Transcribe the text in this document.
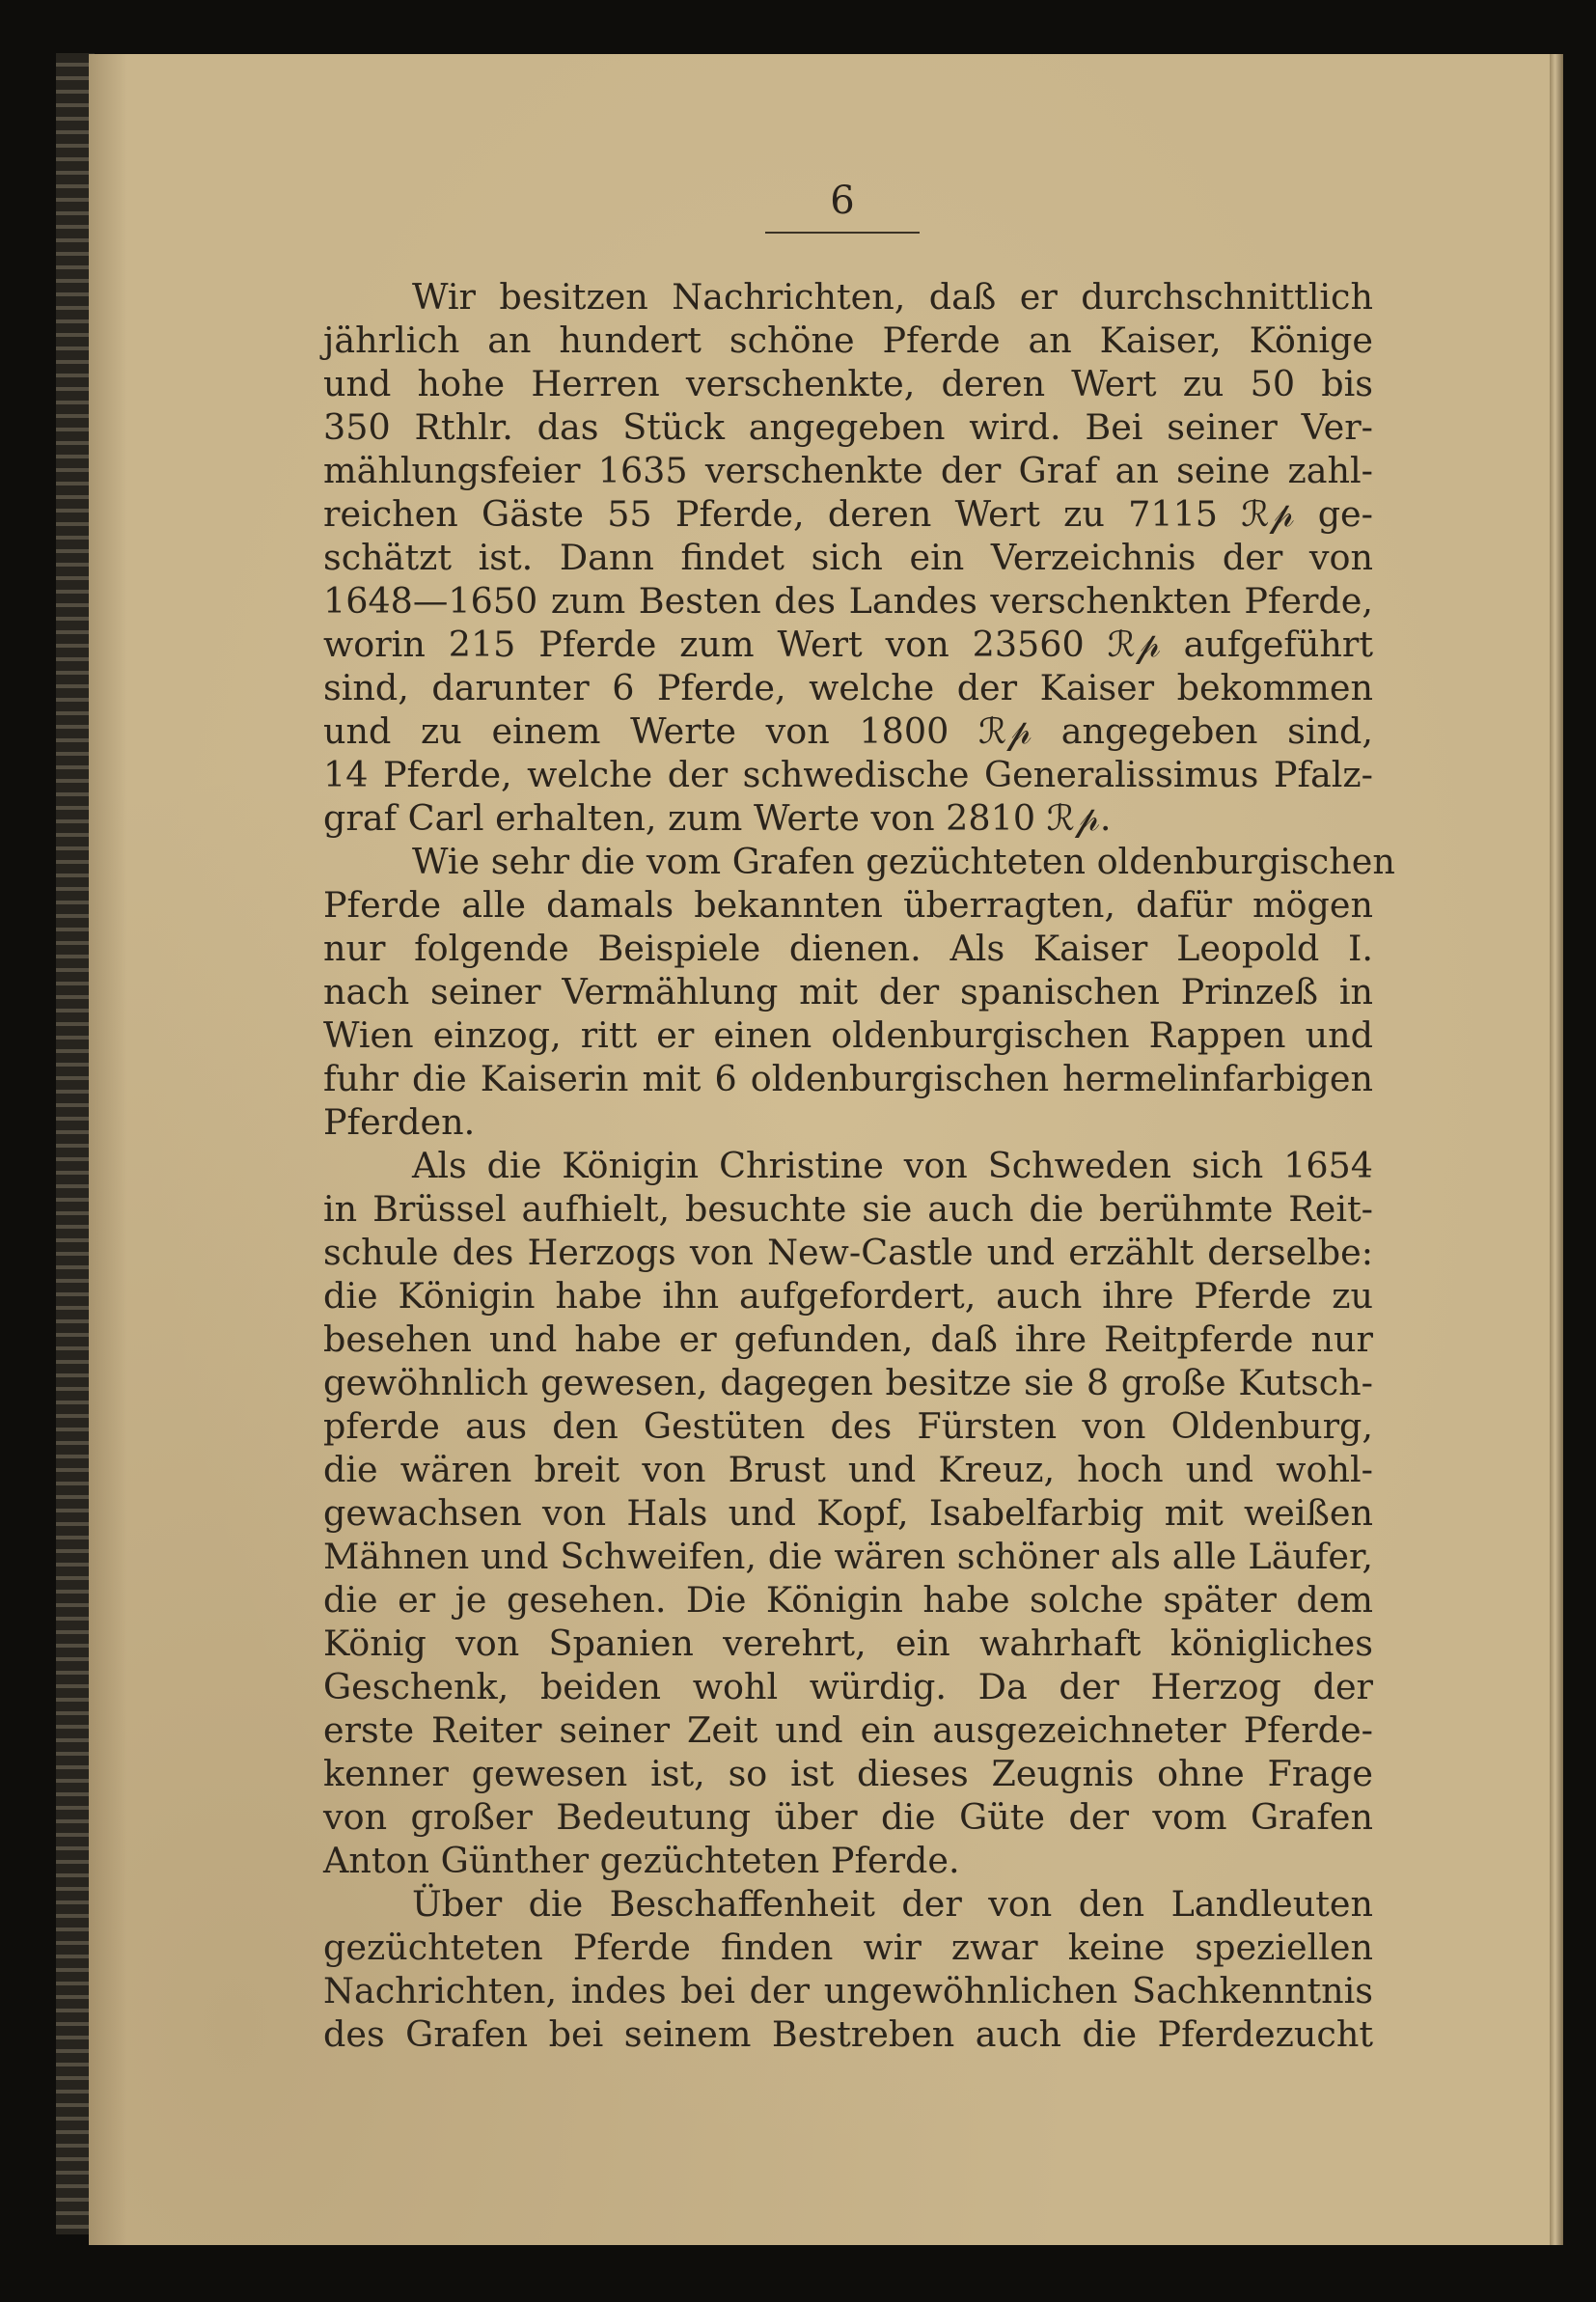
6
Wir besitzen Nachrichten, daß er durchschnittlich
jährlich an hundert schöne Pferde an Kaiser, Könige
und hohe Herren verschenkte, deren Wert zu 50 bis
350 Rthlr. das Stück angegeben wird. Bei seiner Ver-
mählungsfeier 1635 verschenkte der Graf an seine zahl-
reichen Gäste 55 Pferde, deren Wert zu 7115 ℛ𝓅 ge-
schätzt ist. Dann findet sich ein Verzeichnis der von
1648—1650 zum Besten des Landes verschenkten Pferde,
worin 215 Pferde zum Wert von 23560 ℛ𝓅 aufgeführt
sind, darunter 6 Pferde, welche der Kaiser bekommen
und zu einem Werte von 1800 ℛ𝓅 angegeben sind,
14 Pferde, welche der schwedische Generalissimus Pfalz-
graf Carl erhalten, zum Werte von 2810 ℛ𝓅.
Wie sehr die vom Grafen gezüchteten oldenburgischen
Pferde alle damals bekannten überragten, dafür mögen
nur folgende Beispiele dienen. Als Kaiser Leopold I.
nach seiner Vermählung mit der spanischen Prinzeß in
Wien einzog, ritt er einen oldenburgischen Rappen und
fuhr die Kaiserin mit 6 oldenburgischen hermelinfarbigen
Pferden.
Als die Königin Christine von Schweden sich 1654
in Brüssel aufhielt, besuchte sie auch die berühmte Reit-
schule des Herzogs von New-Castle und erzählt derselbe:
die Königin habe ihn aufgefordert, auch ihre Pferde zu
besehen und habe er gefunden, daß ihre Reitpferde nur
gewöhnlich gewesen, dagegen besitze sie 8 große Kutsch-
pferde aus den Gestüten des Fürsten von Oldenburg,
die wären breit von Brust und Kreuz, hoch und wohl-
gewachsen von Hals und Kopf, Isabelfarbig mit weißen
Mähnen und Schweifen, die wären schöner als alle Läufer,
die er je gesehen. Die Königin habe solche später dem
König von Spanien verehrt, ein wahrhaft königliches
Geschenk, beiden wohl würdig. Da der Herzog der
erste Reiter seiner Zeit und ein ausgezeichneter Pferde-
kenner gewesen ist, so ist dieses Zeugnis ohne Frage
von großer Bedeutung über die Güte der vom Grafen
Anton Günther gezüchteten Pferde.
Über die Beschaffenheit der von den Landleuten
gezüchteten Pferde finden wir zwar keine speziellen
Nachrichten, indes bei der ungewöhnlichen Sachkenntnis
des Grafen bei seinem Bestreben auch die Pferdezucht
